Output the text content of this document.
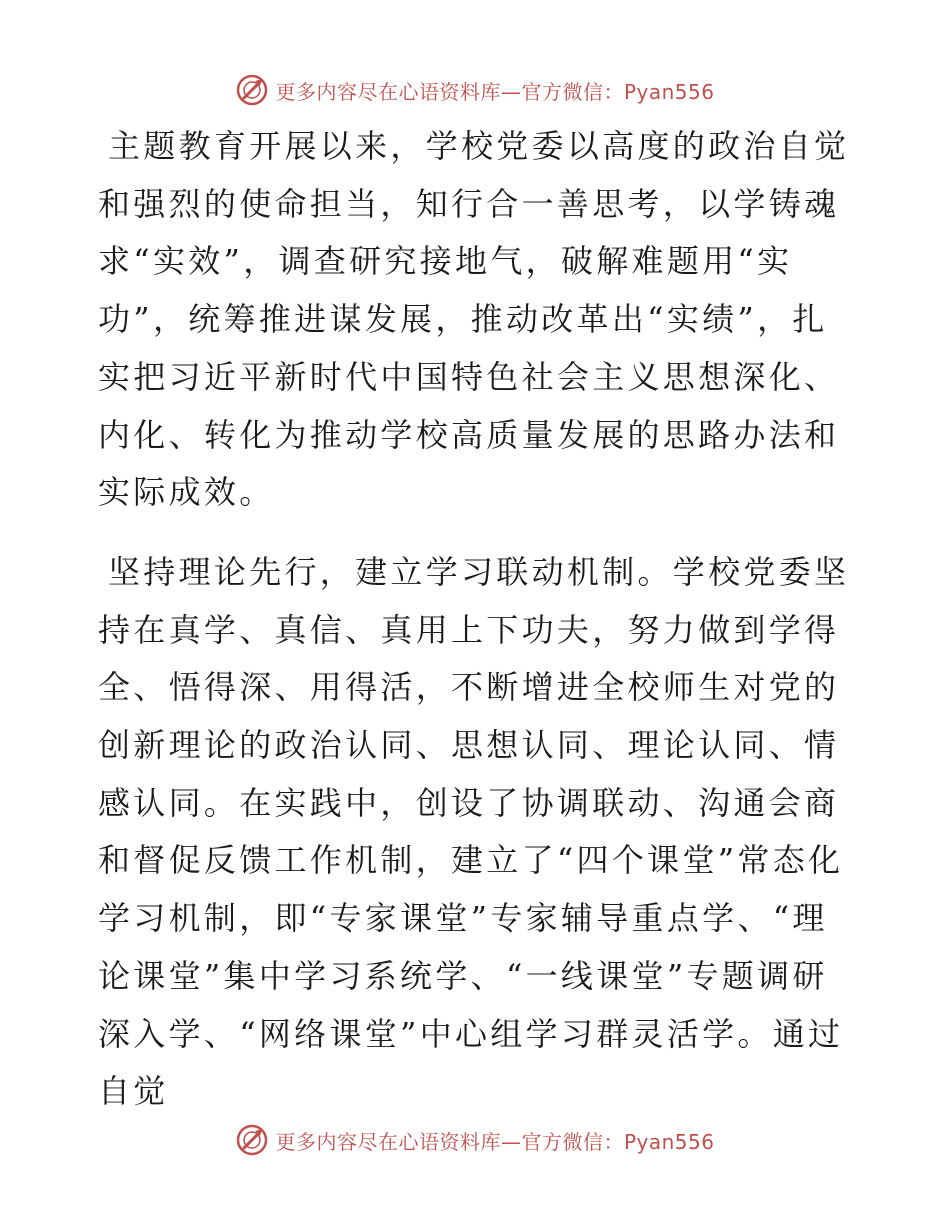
更多内容尽在心语资料库—官方微信：Pyan556

主题教育开展以来，学校党委以高度的政治自觉和强烈的使命担当，知行合一善思考，以学铸魂求“实效”，调查研究接地气，破解难题用“实功”，统筹推进谋发展，推动改革出“实绩”，扎实把习近平新时代中国特色社会主义思想深化、内化、转化为推动学校高质量发展的思路办法和实际成效。

坚持理论先行，建立学习联动机制。学校党委坚持在真学、真信、真用上下功夫，努力做到学得全、悟得深、用得活，不断增进全校师生对党的创新理论的政治认同、思想认同、理论认同、情感认同。在实践中，创设了协调联动、沟通会商和督促反馈工作机制，建立了“四个课堂”常态化学习机制，即“专家课堂”专家辅导重点学、“理论课堂”集中学习系统学、“一线课堂”专题调研深入学、“网络课堂”中心组学习群灵活学。通过自觉

更多内容尽在心语资料库—官方微信：Pyan556
